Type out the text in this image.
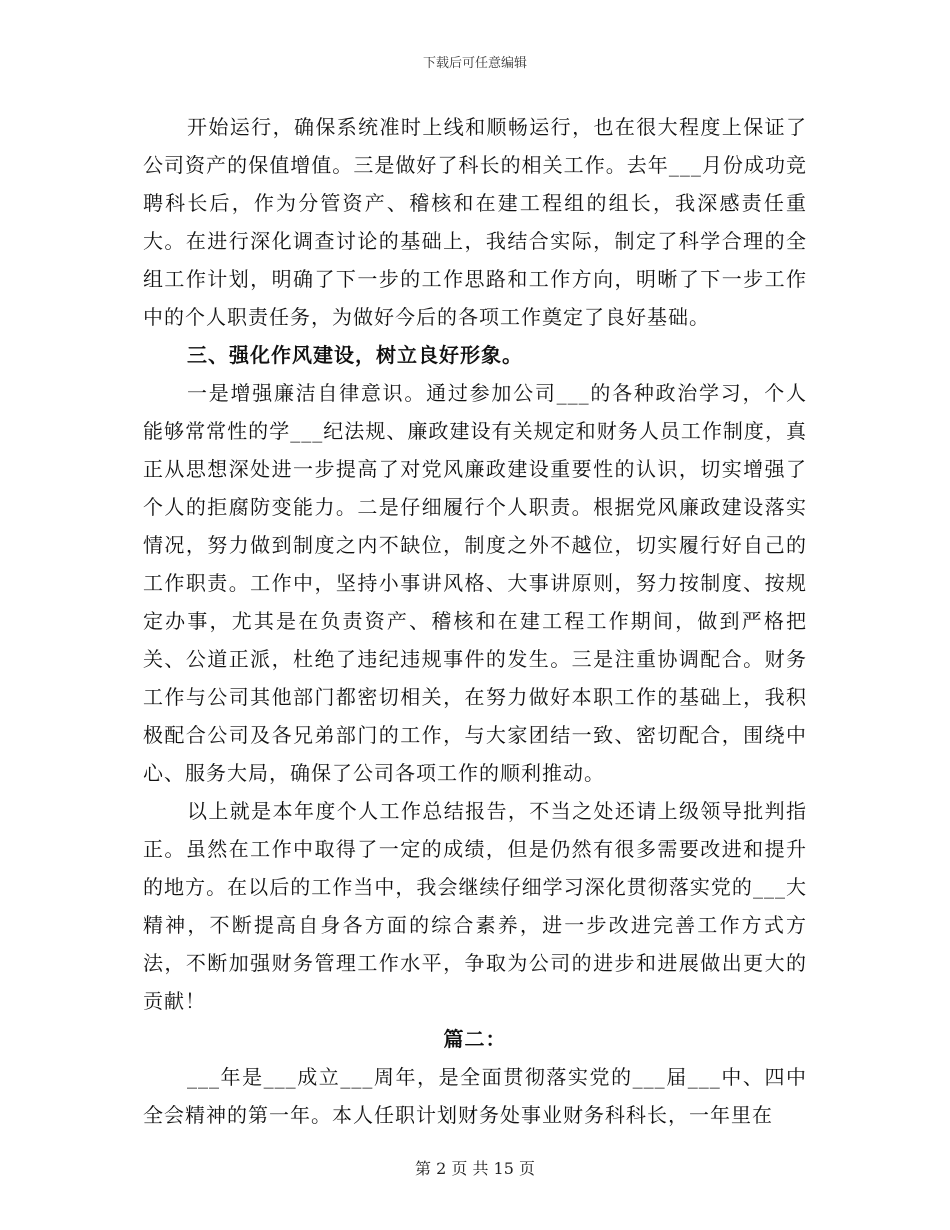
下载后可任意编辑

开始运行，确保系统准时上线和顺畅运行，也在很大程度上保证了公司资产的保值增值。三是做好了科长的相关工作。去年___月份成功竞聘科长后，作为分管资产、稽核和在建工程组的组长，我深感责任重大。在进行深化调查讨论的基础上，我结合实际，制定了科学合理的全组工作计划，明确了下一步的工作思路和工作方向，明晰了下一步工作中的个人职责任务，为做好今后的各项工作奠定了良好基础。

三、强化作风建设，树立良好形象。

一是增强廉洁自律意识。通过参加公司___的各种政治学习，个人能够常常性的学___纪法规、廉政建设有关规定和财务人员工作制度，真正从思想深处进一步提高了对党风廉政建设重要性的认识，切实增强了个人的拒腐防变能力。二是仔细履行个人职责。根据党风廉政建设落实情况，努力做到制度之内不缺位，制度之外不越位，切实履行好自己的工作职责。工作中，坚持小事讲风格、大事讲原则，努力按制度、按规定办事，尤其是在负责资产、稽核和在建工程工作期间，做到严格把关、公道正派，杜绝了违纪违规事件的发生。三是注重协调配合。财务工作与公司其他部门都密切相关，在努力做好本职工作的基础上，我积极配合公司及各兄弟部门的工作，与大家团结一致、密切配合，围绕中心、服务大局，确保了公司各项工作的顺利推动。

以上就是本年度个人工作总结报告，不当之处还请上级领导批判指正。虽然在工作中取得了一定的成绩，但是仍然有很多需要改进和提升的地方。在以后的工作当中，我会继续仔细学习深化贯彻落实党的___大精神，不断提高自身各方面的综合素养，进一步改进完善工作方式方法，不断加强财务管理工作水平，争取为公司的进步和进展做出更大的贡献！

篇二：

___年是___成立___周年，是全面贯彻落实党的___届___中、四中全会精神的第一年。本人任职计划财务处事业财务科科长，一年里在

第 2 页 共 15 页
